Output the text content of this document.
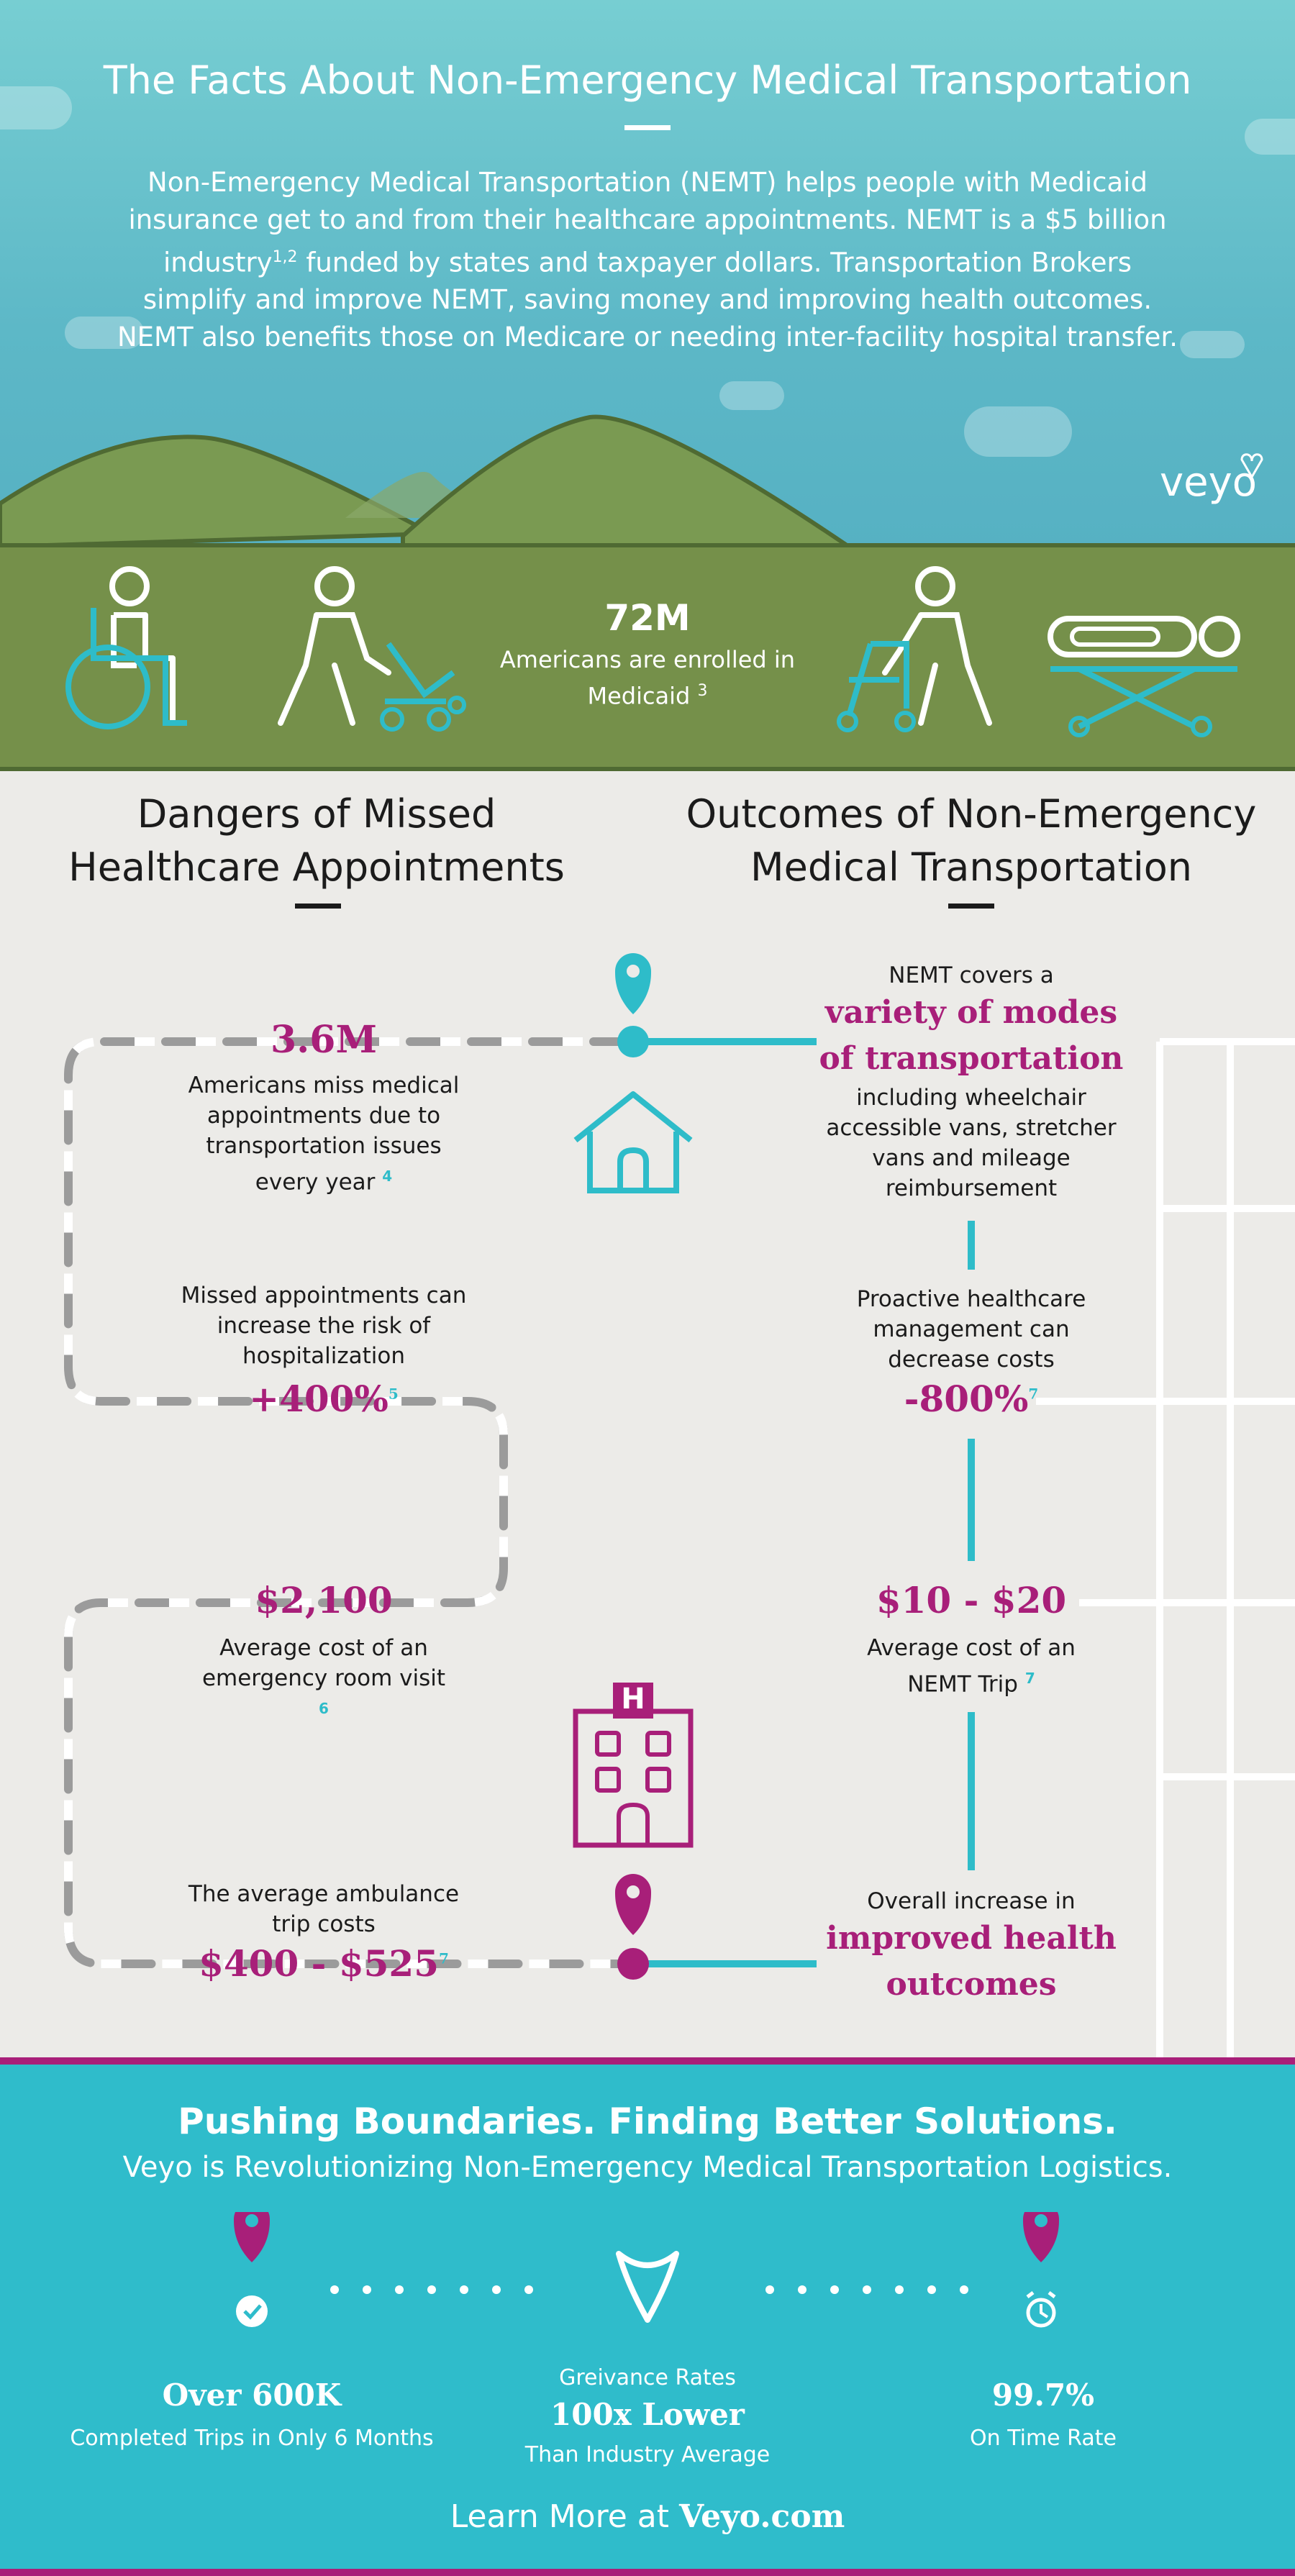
The Facts About Non-Emergency Medical Transportation
Non-Emergency Medical Transportation (NEMT) helps people with Medicaid insurance get to and from their healthcare appointments. NEMT is a $5 billion industry$^{1,2}$ funded by states and taxpayer dollars. Transportation Brokers simplify and improve NEMT, saving money and improving health outcomes. NEMT also benefits those on Medicare or needing inter-facility hospital transfer.
veyo
72M
Americans are enrolled in Medicaid $^3$
Dangers of Missed
Healthcare Appointments
Outcomes of Non-Emergency
Medical Transportation
H
3.6M
Americans miss medical appointments due to transportation issues every year $^4$
Missed appointments can increase the risk of hospitalization
+400%$^5$
$2,100
Average cost of an emergency room visit $^6$
The average ambulance trip costs
$400 - $525$^7$
NEMT covers a
variety of modes of transportation
including wheelchair accessible vans, stretcher vans and mileage reimbursement
Proactive healthcare management can decrease costs
-800%$^7$
$10 - $20
Average cost of an NEMT Trip $^7$
Overall increase in
improved health outcomes
Pushing Boundaries. Finding Better Solutions.
Veyo is Revolutionizing Non-Emergency Medical Transportation Logistics.
Over 600K
Completed Trips in Only 6 Months
Greivance Rates
100x Lower
Than Industry Average
99.7%
On Time Rate
Learn More at Veyo.com
